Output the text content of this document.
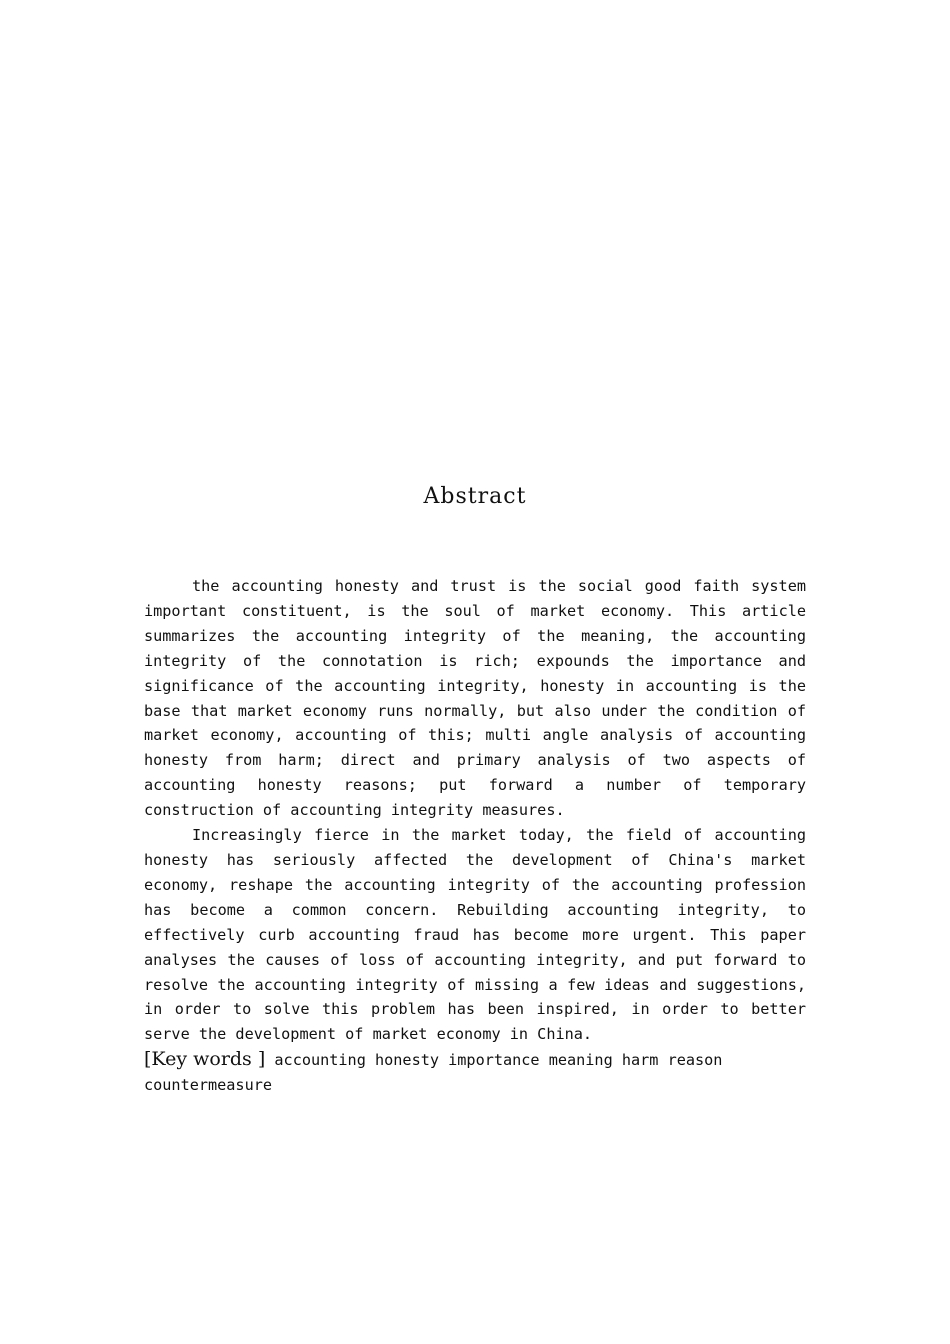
Abstract

the accounting honesty and trust is the social good faith system important constituent, is the soul of market economy. This article summarizes the accounting integrity of the meaning, the accounting integrity of the connotation is rich; expounds the importance and significance of the accounting integrity, honesty in accounting is the base that market economy runs normally, but also under the condition of market economy, accounting of this; multi angle analysis of accounting honesty from harm; direct and primary analysis of two aspects of accounting honesty reasons; put forward a number of temporary construction of accounting integrity measures.

Increasingly fierce in the market today, the field of accounting honesty has seriously affected the development of China's market economy, reshape the accounting integrity of the accounting profession has become a common concern. Rebuilding accounting integrity, to effectively curb accounting fraud has become more urgent. This paper analyses the causes of loss of accounting integrity, and put forward to resolve the accounting integrity of missing a few ideas and suggestions, in order to solve this problem has been inspired, in order to better serve the development of market economy in China.

[Key words ] accounting honesty importance meaning harm reason countermeasure
